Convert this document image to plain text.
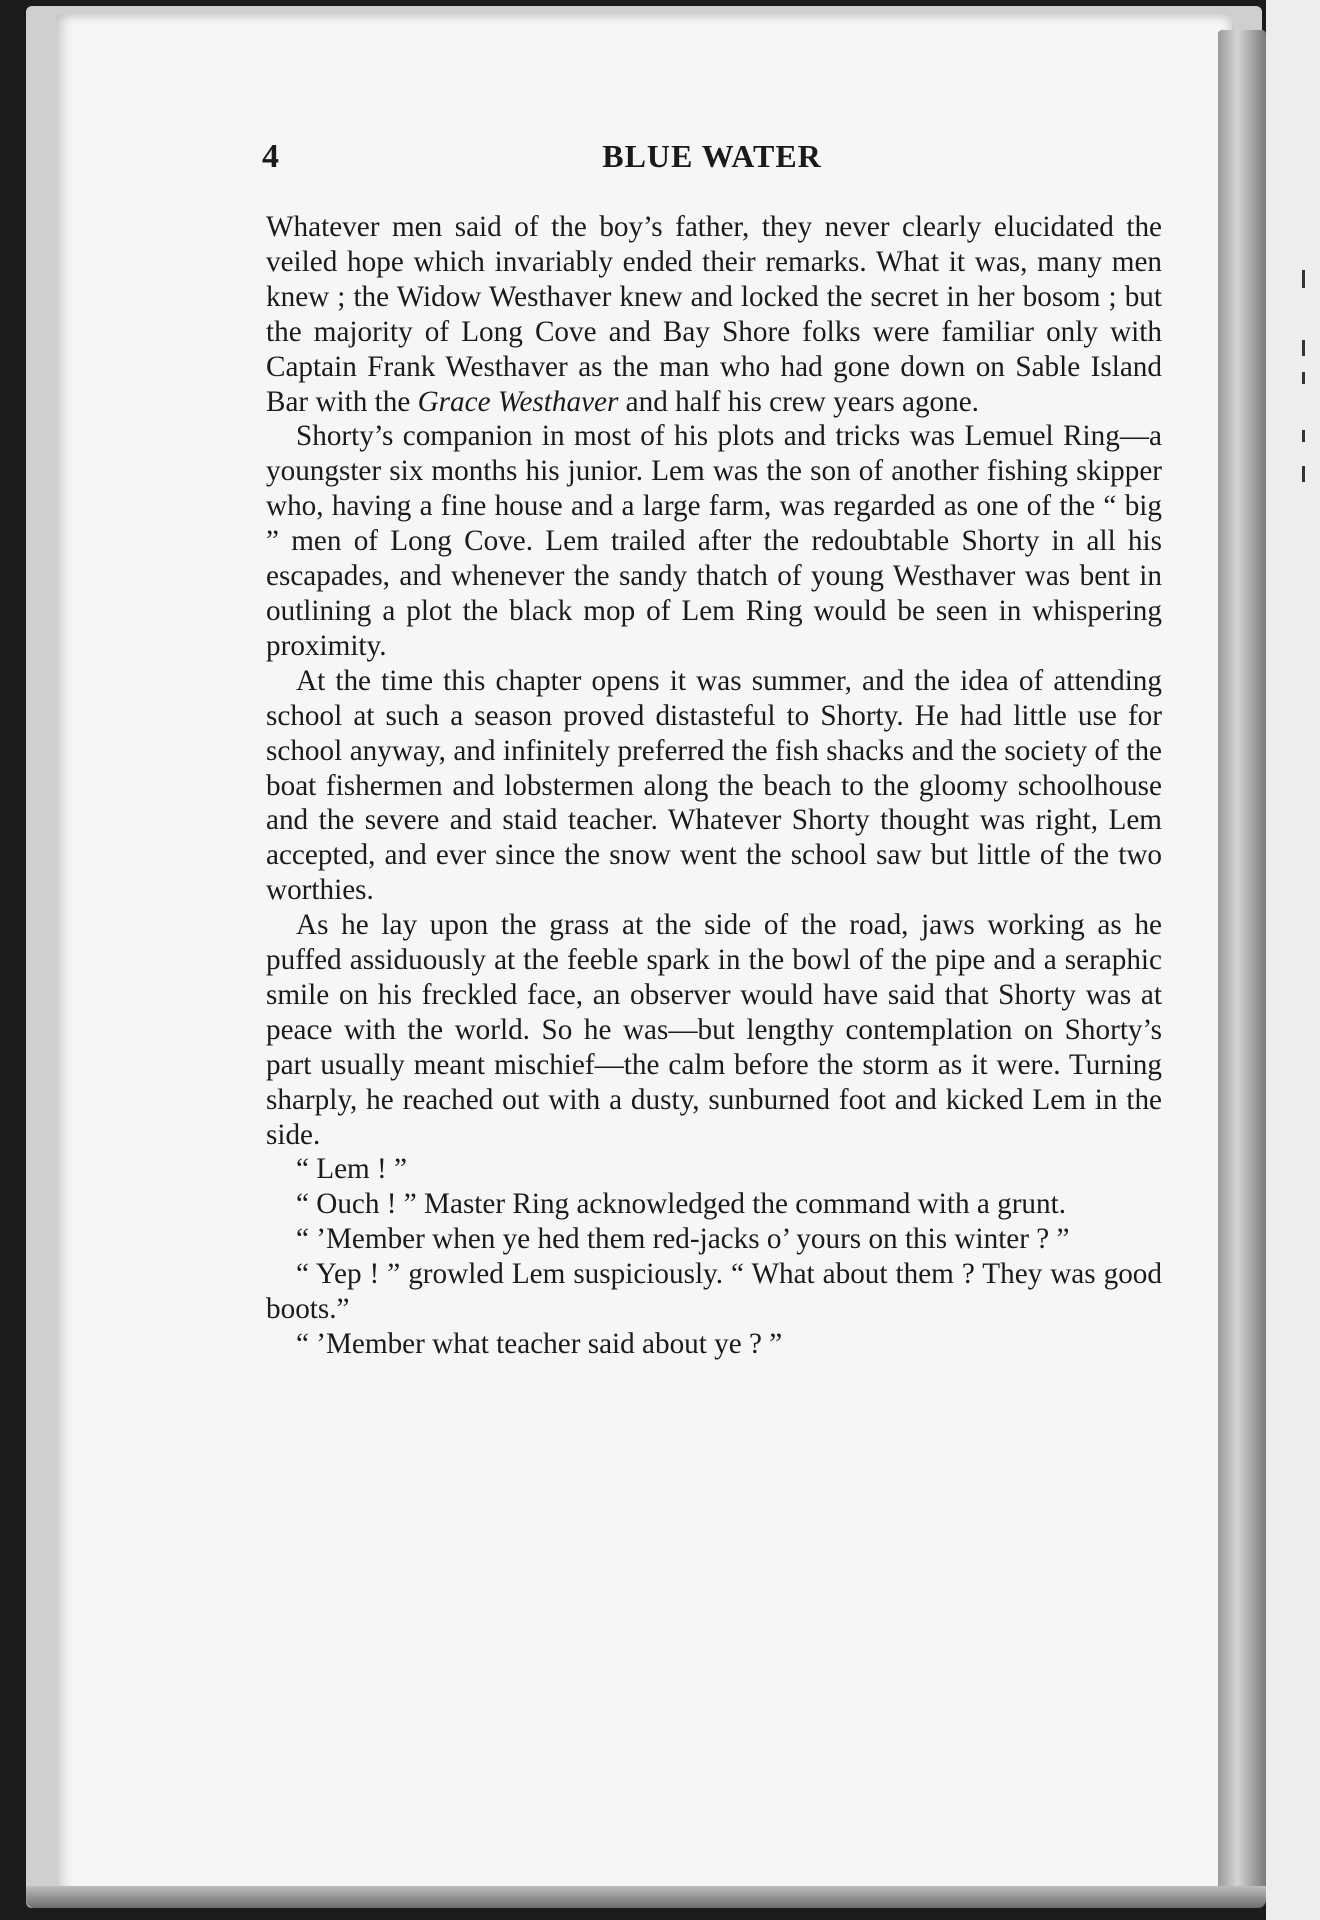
4	BLUE WATER

Whatever men said of the boy’s father, they never clearly elucidated the veiled hope which invariably ended their remarks. What it was, many men knew ; the Widow Westhaver knew and locked the secret in her bosom ; but the majority of Long Cove and Bay Shore folks were familiar only with Captain Frank Westhaver as the man who had gone down on Sable Island Bar with the Grace Westhaver and half his crew years agone.

Shorty’s companion in most of his plots and tricks was Lemuel Ring—a youngster six months his junior. Lem was the son of another fishing skipper who, having a fine house and a large farm, was regarded as one of the “ big ” men of Long Cove. Lem trailed after the redoubtable Shorty in all his escapades, and whenever the sandy thatch of young Westhaver was bent in outlining a plot the black mop of Lem Ring would be seen in whispering proximity.

At the time this chapter opens it was summer, and the idea of attending school at such a season proved distasteful to Shorty. He had little use for school anyway, and infinitely preferred the fish shacks and the society of the boat fishermen and lobstermen along the beach to the gloomy schoolhouse and the severe and staid teacher. Whatever Shorty thought was right, Lem accepted, and ever since the snow went the school saw but little of the two worthies.

As he lay upon the grass at the side of the road, jaws working as he puffed assiduously at the feeble spark in the bowl of the pipe and a seraphic smile on his freckled face, an observer would have said that Shorty was at peace with the world. So he was—but lengthy contemplation on Shorty’s part usually meant mischief—the calm before the storm as it were. Turning sharply, he reached out with a dusty, sunburned foot and kicked Lem in the side.

“ Lem ! ”

“ Ouch ! ” Master Ring acknowledged the command with a grunt.

“ ’Member when ye hed them red-jacks o’ yours on this winter ? ”

“ Yep ! ” growled Lem suspiciously. “ What about them ? They was good boots.”

“ ’Member what teacher said about ye ? ”
